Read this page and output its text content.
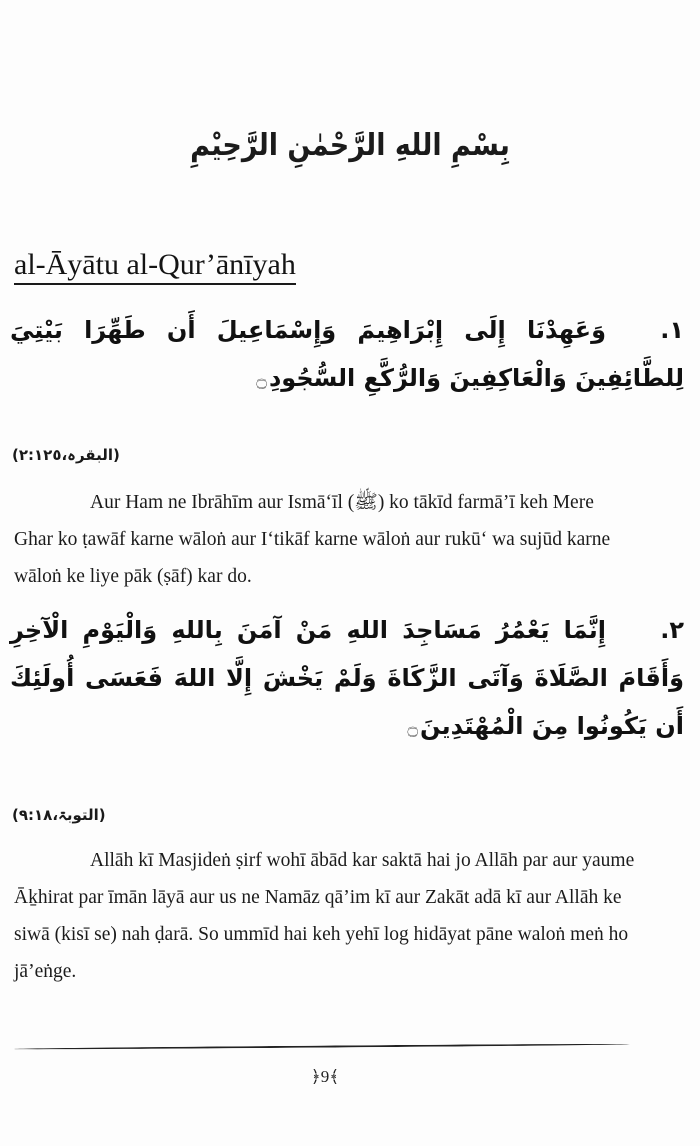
بِسْمِ اللهِ الرَّحْمٰنِ الرَّحِيْمِ
al-Āyātu al-Qur’ānīyah
١.وَعَهِدْنَا إِلَى إِبْرَاهِيمَ وَإِسْمَاعِيلَ أَن طَهِّرَا بَيْتِيَ لِلطَّائِفِينَ وَالْعَاكِفِينَ وَالرُّكَّعِ السُّجُودِ۝
(البقرہ،٢:١٢٥)
Aur Ham ne Ibrāhīm aur Ismā‘īl (ﷺ) ko tākīd farmā’ī keh Mere Ghar ko ṭawāf karne wāloṅ aur I‘tikāf karne wāloṅ aur rukū‘ wa sujūd karne wāloṅ ke liye pāk (ṣāf) kar do.
٢.إِنَّمَا يَعْمُرُ مَسَاجِدَ اللهِ مَنْ آمَنَ بِاللهِ وَالْيَوْمِ الْآخِرِ وَأَقَامَ الصَّلَاةَ وَآتَى الزَّكَاةَ وَلَمْ يَخْشَ إِلَّا اللهَ فَعَسَى أُولَئِكَ أَن يَكُونُوا مِنَ الْمُهْتَدِينَ۝
(التوبۃ،٩:١٨)
Allāh kī Masjideṅ ṣirf wohī ābād kar saktā hai jo Allāh par aur yaume Āḵhirat par īmān lāyā aur us ne Namāz qā’im kī aur Zakāt adā kī aur Allāh ke siwā (kisī se) nah ḍarā. So ummīd hai keh yehī log hidāyat pāne waloṅ meṅ ho jā’eṅge.
﴿9﴾
